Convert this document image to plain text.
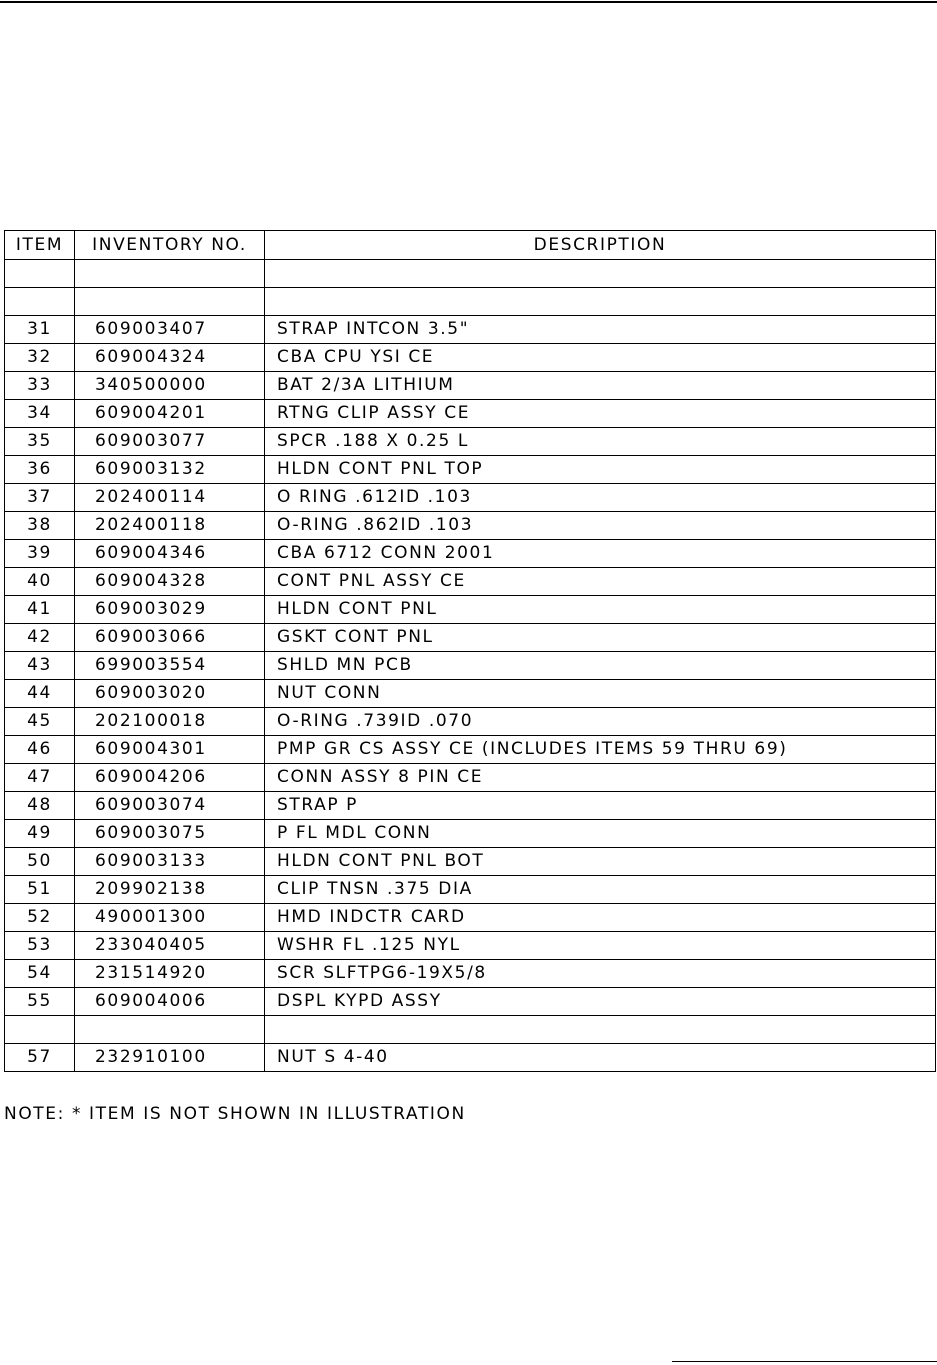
ITEM	INVENTORY NO.	DESCRIPTION

31	609003407	STRAP INTCON 3.5"
32	609004324	CBA CPU YSI CE
33	340500000	BAT 2/3A LITHIUM
34	609004201	RTNG CLIP ASSY CE
35	609003077	SPCR .188 X 0.25 L
36	609003132	HLDN CONT PNL TOP
37	202400114	O RING .612ID .103
38	202400118	O-RING .862ID .103
39	609004346	CBA 6712 CONN 2001
40	609004328	CONT PNL ASSY CE
41	609003029	HLDN CONT PNL
42	609003066	GSKT CONT PNL
43	699003554	SHLD MN PCB
44	609003020	NUT CONN
45	202100018	O-RING .739ID .070
46	609004301	PMP GR CS ASSY CE (INCLUDES ITEMS 59 THRU 69)
47	609004206	CONN ASSY 8 PIN CE
48	609003074	STRAP P
49	609003075	P FL MDL CONN
50	609003133	HLDN CONT PNL BOT
51	209902138	CLIP TNSN .375 DIA
52	490001300	HMD INDCTR CARD
53	233040405	WSHR FL .125 NYL
54	231514920	SCR SLFTPG6-19X5/8
55	609004006	DSPL KYPD ASSY

57	232910100	NUT S 4-40
NOTE: * ITEM IS NOT SHOWN IN ILLUSTRATION
